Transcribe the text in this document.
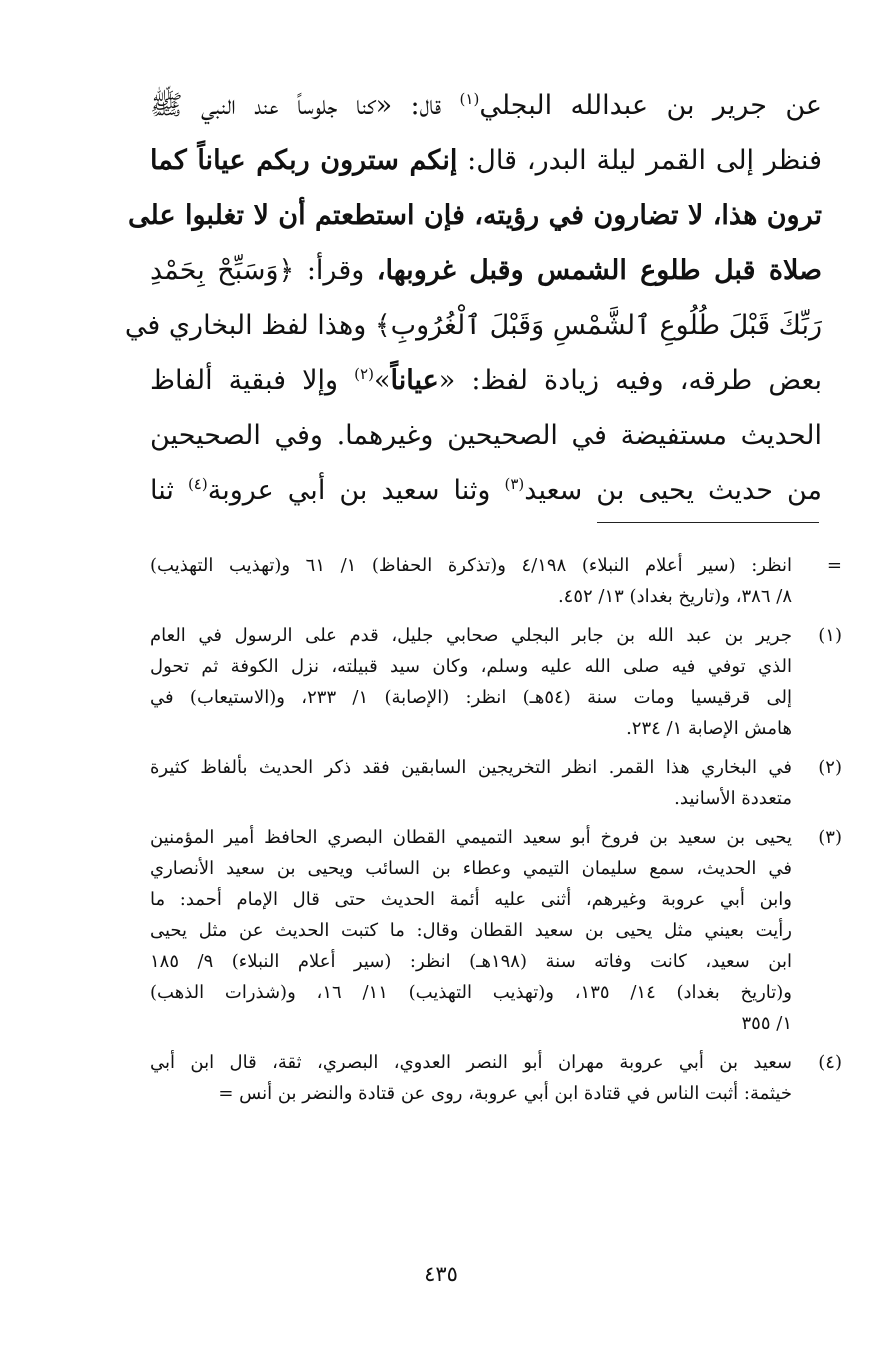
عن جرير بن عبدالله البجلي$^{(١)}$ قال: «كنا جلوساً عند النبي ﷺ
فنظر إلى القمر ليلة البدر، قال: إنكم سترون ربكم عياناً كما
ترون هذا، لا تضارون في رؤيته، فإن استطعتم أن لا تغلبوا على
صلاة قبل طلوع الشمس وقبل غروبها، وقرأ: ﴿وَسَبِّحْ بِحَمْدِ
رَبِّكَ قَبْلَ طُلُوعِ ٱلشَّمْسِ وَقَبْلَ ٱلْغُرُوبِ﴾ وهذا لفظ البخاري في
بعض طرقه، وفيه زيادة لفظ: «عياناً»$^{(٢)}$ وإلا فبقية ألفاظ
الحديث مستفيضة في الصحيحين وغيرهما. وفي الصحيحين
من حديث يحيى بن سعيد$^{(٣)}$ وثنا سعيد بن أبي عروبة$^{(٤)}$ ثنا
=
انظر: (سير أعلام النبلاء) ٤/١٩٨ و(تذكرة الحفاظ) ١/ ٦١ و(تهذيب التهذيب)
٨/ ٣٨٦، و(تاريخ بغداد) ١٣/ ٤٥٢.
(١)
جرير بن عبد الله بن جابر البجلي صحابي جليل، قدم على الرسول في العام
الذي توفي فيه صلى الله عليه وسلم، وكان سيد قبيلته، نزل الكوفة ثم تحول
إلى قرقيسيا ومات سنة (٥٤هـ) انظر: (الإصابة) ١/ ٢٣٣، و(الاستيعاب) في
هامش الإصابة ١/ ٢٣٤.
(٢)
في البخاري هذا القمر. انظر التخريجين السابقين فقد ذكر الحديث بألفاظ كثيرة
متعددة الأسانيد.
(٣)
يحيى بن سعيد بن فروخ أبو سعيد التميمي القطان البصري الحافظ أمير المؤمنين
في الحديث، سمع سليمان التيمي وعطاء بن السائب ويحيى بن سعيد الأنصاري
وابن أبي عروبة وغيرهم، أثنى عليه أئمة الحديث حتى قال الإمام أحمد: ما
رأيت بعيني مثل يحيى بن سعيد القطان وقال: ما كتبت الحديث عن مثل يحيى
ابن سعيد، كانت وفاته سنة (١٩٨هـ) انظر: (سير أعلام النبلاء) ٩/ ١٨٥
و(تاريخ بغداد) ١٤/ ١٣٥، و(تهذيب التهذيب) ١١/ ١٦، و(شذرات الذهب)
١/ ٣٥٥
(٤)
سعيد بن أبي عروبة مهران أبو النصر العدوي، البصري، ثقة، قال ابن أبي
خيثمة: أثبت الناس في قتادة ابن أبي عروبة، روى عن قتادة والنضر بن أنس =
٤٣٥
